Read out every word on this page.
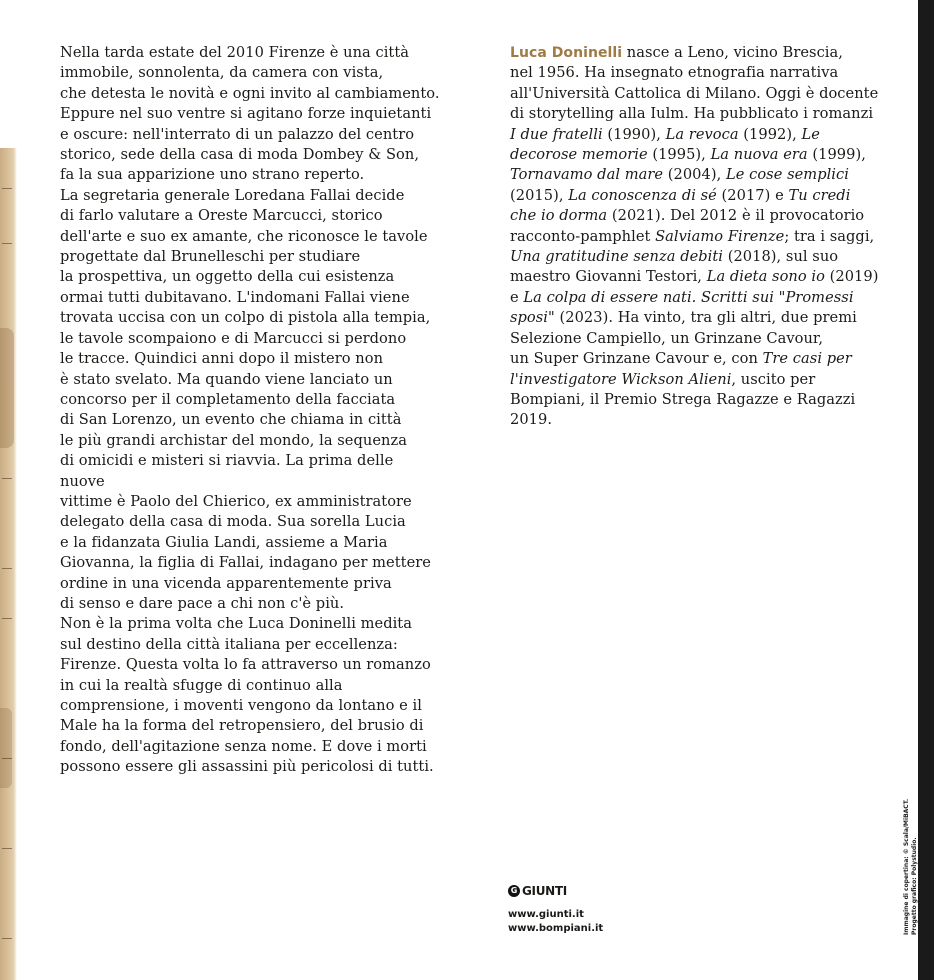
Nella tarda estate del 2010 Firenze è una città

immobile, sonnolenta, da camera con vista,

che detesta le novità e ogni invito al cambiamento.

Eppure nel suo ventre si agitano forze inquietanti

e oscure: nell'interrato di un palazzo del centro

storico, sede della casa di moda Dombey & Son,

fa la sua apparizione uno strano reperto.

La segretaria generale Loredana Fallai decide

di farlo valutare a Oreste Marcucci, storico

dell'arte e suo ex amante, che riconosce le tavole

progettate dal Brunelleschi per studiare

la prospettiva, un oggetto della cui esistenza

ormai tutti dubitavano. L'indomani Fallai viene

trovata uccisa con un colpo di pistola alla tempia,

le tavole scompaiono e di Marcucci si perdono

le tracce. Quindici anni dopo il mistero non

è stato svelato. Ma quando viene lanciato un

concorso per il completamento della facciata

di San Lorenzo, un evento che chiama in città

le più grandi archistar del mondo, la sequenza

di omicidi e misteri si riavvia. La prima delle nuove

vittime è Paolo del Chierico, ex amministratore

delegato della casa di moda. Sua sorella Lucia

e la fidanzata Giulia Landi, assieme a Maria

Giovanna, la figlia di Fallai, indagano per mettere

ordine in una vicenda apparentemente priva

di senso e dare pace a chi non c'è più.

Non è la prima volta che Luca Doninelli medita

sul destino della città italiana per eccellenza:

Firenze. Questa volta lo fa attraverso un romanzo

in cui la realtà sfugge di continuo alla

comprensione, i moventi vengono da lontano e il

Male ha la forma del retropensiero, del brusio di

fondo, dell'agitazione senza nome. E dove i morti

possono essere gli assassini più pericolosi di tutti.

Luca Doninelli nasce a Leno, vicino Brescia,

nel 1956. Ha insegnato etnografia narrativa

all'Università Cattolica di Milano. Oggi è docente

di storytelling alla Iulm. Ha pubblicato i romanzi

I due fratelli (1990), La revoca (1992), Le

decorose memorie (1995), La nuova era (1999),

Tornavamo dal mare (2004), Le cose semplici

(2015), La conoscenza di sé (2017) e Tu credi

che io dorma (2021). Del 2012 è il provocatorio

racconto-pamphlet Salviamo Firenze; tra i saggi,

Una gratitudine senza debiti (2018), sul suo

maestro Giovanni Testori, La dieta sono io (2019)

e La colpa di essere nati. Scritti sui "Promessi

sposi" (2023). Ha vinto, tra gli altri, due premi

Selezione Campiello, un Grinzane Cavour,

un Super Grinzane Cavour e, con Tre casi per

l'investigatore Wickson Alieni, uscito per

Bompiani, il Premio Strega Ragazze e Ragazzi

2019.

G GIUNTI
www.giunti.it
www.bompiani.it	Immagine di copertina: © Scala/MiBACT. Progetto grafico: Polystudio.
